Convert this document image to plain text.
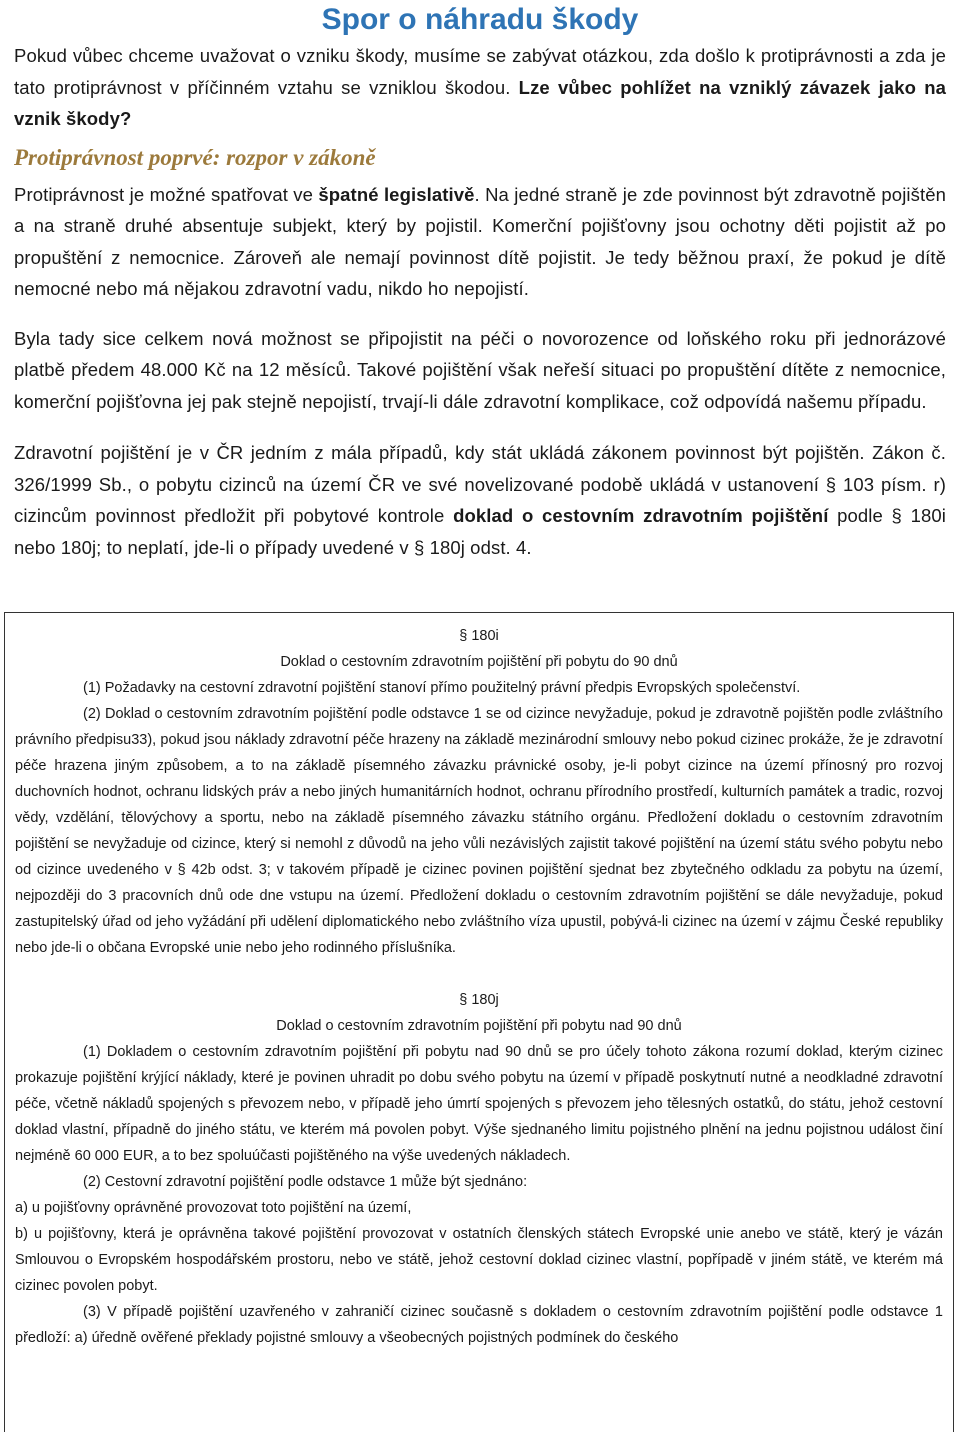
Spor o náhradu škody

Pokud vůbec chceme uvažovat o vzniku škody, musíme se zabývat otázkou, zda došlo k protiprávnosti a zda je tato protiprávnost v příčinném vztahu se vzniklou škodou. Lze vůbec pohlížet na vzniklý závazek jako na vznik škody?

Protiprávnost poprvé: rozpor v zákoně

Protiprávnost je možné spatřovat ve špatné legislativě. Na jedné straně je zde povinnost být zdravotně pojištěn a na straně druhé absentuje subjekt, který by pojistil. Komerční pojišťovny jsou ochotny děti pojistit až po propuštění z nemocnice. Zároveň ale nemají povinnost dítě pojistit. Je tedy běžnou praxí, že pokud je dítě nemocné nebo má nějakou zdravotní vadu, nikdo ho nepojistí.

Byla tady sice celkem nová možnost se připojistit na péči o novorozence od loňského roku při jednorázové platbě předem 48.000 Kč na 12 měsíců. Takové pojištění však neřeší situaci po propuštění dítěte z nemocnice, komerční pojišťovna jej pak stejně nepojistí, trvají-li dále zdravotní komplikace, což odpovídá našemu případu.

Zdravotní pojištění je v ČR jedním z mála případů, kdy stát ukládá zákonem povinnost být pojištěn. Zákon č. 326/1999 Sb., o pobytu cizinců na území ČR ve své novelizované podobě ukládá v ustanovení § 103 písm. r) cizincům povinnost předložit při pobytové kontrole doklad o cestovním zdravotním pojištění podle § 180i nebo 180j; to neplatí, jde-li o případy uvedené v § 180j odst. 4.

§ 180i

Doklad o cestovním zdravotním pojištění při pobytu do 90 dnů

(1) Požadavky na cestovní zdravotní pojištění stanoví přímo použitelný právní předpis Evropských společenství.

(2) Doklad o cestovním zdravotním pojištění podle odstavce 1 se od cizince nevyžaduje, pokud je zdravotně pojištěn podle zvláštního právního předpisu33), pokud jsou náklady zdravotní péče hrazeny na základě mezinárodní smlouvy nebo pokud cizinec prokáže, že je zdravotní péče hrazena jiným způsobem, a to na základě písemného závazku právnické osoby, je-li pobyt cizince na území přínosný pro rozvoj duchovních hodnot, ochranu lidských práv a nebo jiných humanitárních hodnot, ochranu přírodního prostředí, kulturních památek a tradic, rozvoj vědy, vzdělání, tělovýchovy a sportu, nebo na základě písemného závazku státního orgánu. Předložení dokladu o cestovním zdravotním pojištění se nevyžaduje od cizince, který si nemohl z důvodů na jeho vůli nezávislých zajistit takové pojištění na území státu svého pobytu nebo od cizince uvedeného v § 42b odst. 3; v takovém případě je cizinec povinen pojištění sjednat bez zbytečného odkladu za pobytu na území, nejpozději do 3 pracovních dnů ode dne vstupu na území. Předložení dokladu o cestovním zdravotním pojištění se dále nevyžaduje, pokud zastupitelský úřad od jeho vyžádání při udělení diplomatického nebo zvláštního víza upustil, pobývá-li cizinec na území v zájmu České republiky nebo jde-li o občana Evropské unie nebo jeho rodinného příslušníka.

§ 180j

Doklad o cestovním zdravotním pojištění při pobytu nad 90 dnů

(1) Dokladem o cestovním zdravotním pojištění při pobytu nad 90 dnů se pro účely tohoto zákona rozumí doklad, kterým cizinec prokazuje pojištění krýjící náklady, které je povinen uhradit po dobu svého pobytu na území v případě poskytnutí nutné a neodkladné zdravotní péče, včetně nákladů spojených s převozem nebo, v případě jeho úmrtí spojených s převozem jeho tělesných ostatků, do státu, jehož cestovní doklad vlastní, případně do jiného státu, ve kterém má povolen pobyt. Výše sjednaného limitu pojistného plnění na jednu pojistnou událost činí nejméně 60 000 EUR, a to bez spoluúčasti pojištěného na výše uvedených nákladech.

(2) Cestovní zdravotní pojištění podle odstavce 1 může být sjednáno:

a) u pojišťovny oprávněné provozovat toto pojištění na území,

b) u pojišťovny, která je oprávněna takové pojištění provozovat v ostatních členských státech Evropské unie anebo ve státě, který je vázán Smlouvou o Evropském hospodářském prostoru, nebo ve státě, jehož cestovní doklad cizinec vlastní, popřípadě v jiném státě, ve kterém má cizinec povolen pobyt.

(3) V případě pojištění uzavřeného v zahraničí cizinec současně s dokladem o cestovním zdravotním pojištění podle odstavce 1 předloží: a) úředně ověřené překlady pojistné smlouvy a všeobecných pojistných podmínek do českého
